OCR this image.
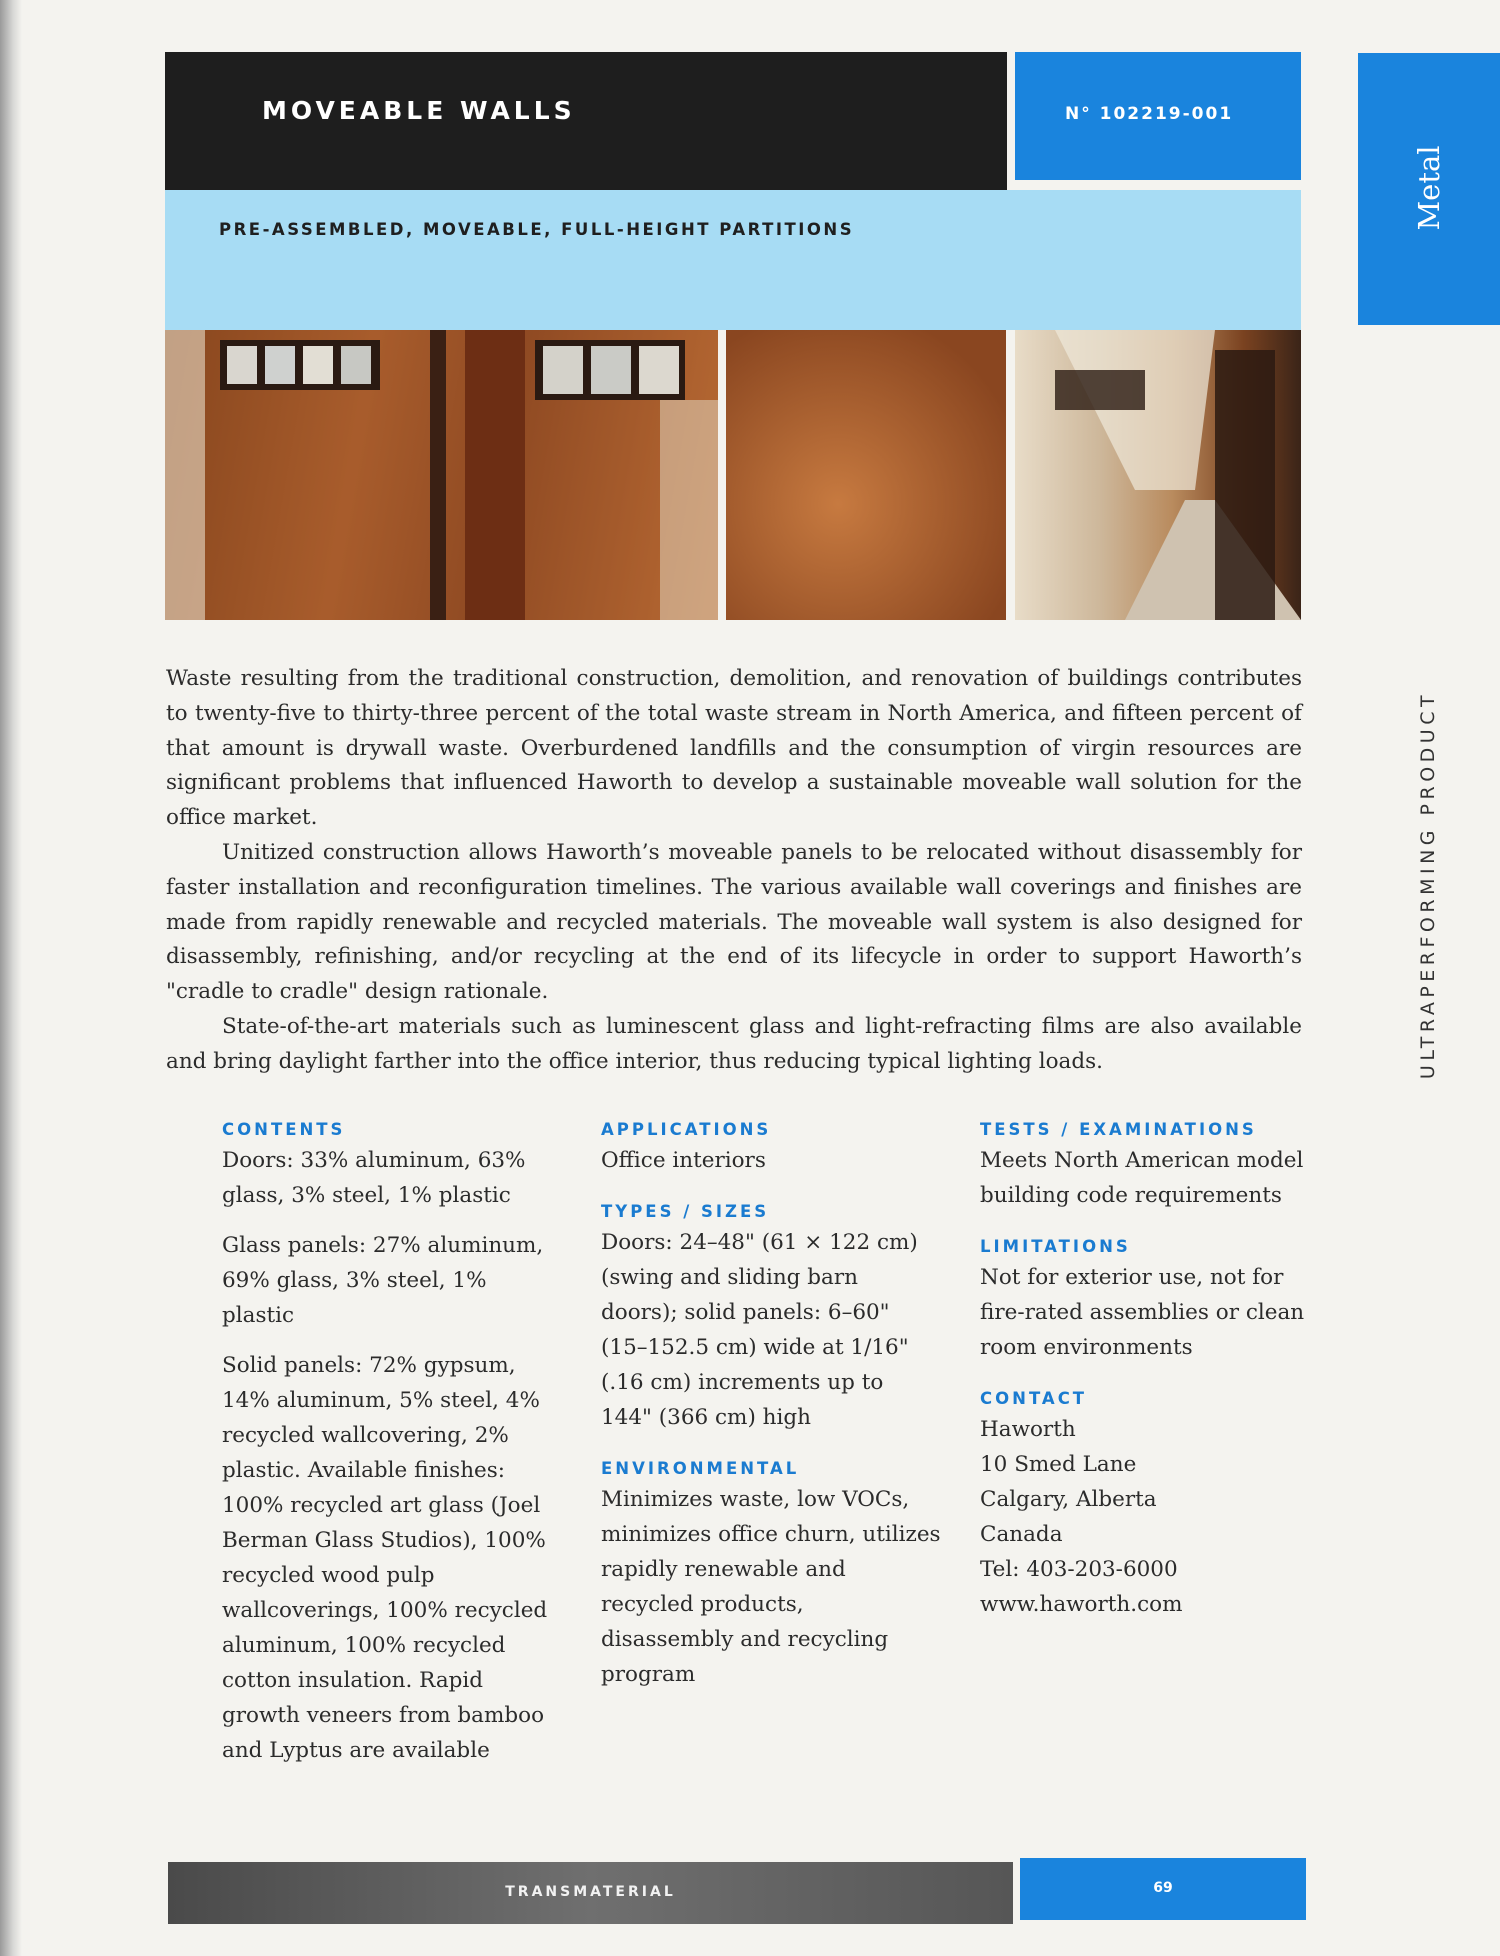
MOVEABLE WALLS	N° 102219-001
PRE-ASSEMBLED, MOVEABLE, FULL-HEIGHT PARTITIONS	Metal
ULTRAPERFORMING PRODUCT

Waste resulting from the traditional construction, demolition, and renovation of buildings contributes to twenty-five to thirty-three percent of the total waste stream in North America, and fifteen percent of that amount is drywall waste. Overburdened landfills and the consumption of virgin resources are significant problems that influenced Haworth to develop a sustainable moveable wall solution for the office market.

Unitized construction allows Haworth’s moveable panels to be relocated without disassembly for faster installation and reconfiguration timelines. The various available wall coverings and finishes are made from rapidly renewable and recycled materials. The moveable wall system is also designed for disassembly, refinishing, and/or recycling at the end of its lifecycle in order to support Haworth’s "cradle to cradle" design rationale.

State-of-the-art materials such as luminescent glass and light-refracting films are also available and bring daylight farther into the office interior, thus reducing typical lighting loads.

CONTENTS

Doors: 33% aluminum, 63% glass, 3% steel, 1% plastic

Glass panels: 27% aluminum, 69% glass, 3% steel, 1% plastic

Solid panels: 72% gypsum, 14% aluminum, 5% steel, 4% recycled wallcovering, 2% plastic. Available finishes: 100% recycled art glass (Joel Berman Glass Studios), 100% recycled wood pulp wallcoverings, 100% recycled aluminum, 100% recycled cotton insulation. Rapid growth veneers from bamboo and Lyptus are available

APPLICATIONS

Office interiors

TYPES / SIZES

Doors: 24–48" (61 × 122 cm) (swing and sliding barn doors); solid panels: 6–60" (15–152.5 cm) wide at 1/16" (.16 cm) increments up to 144" (366 cm) high

ENVIRONMENTAL

Minimizes waste, low VOCs, minimizes office churn, utilizes rapidly renewable and recycled products, disassembly and recycling program

TESTS / EXAMINATIONS

Meets North American model building code requirements

LIMITATIONS

Not for exterior use, not for fire-rated assemblies or clean room environments

CONTACT

Haworth

10 Smed Lane

Calgary, Alberta

Canada

Tel: 403-203-6000

www.haworth.com

TRANSMATERIAL	69
